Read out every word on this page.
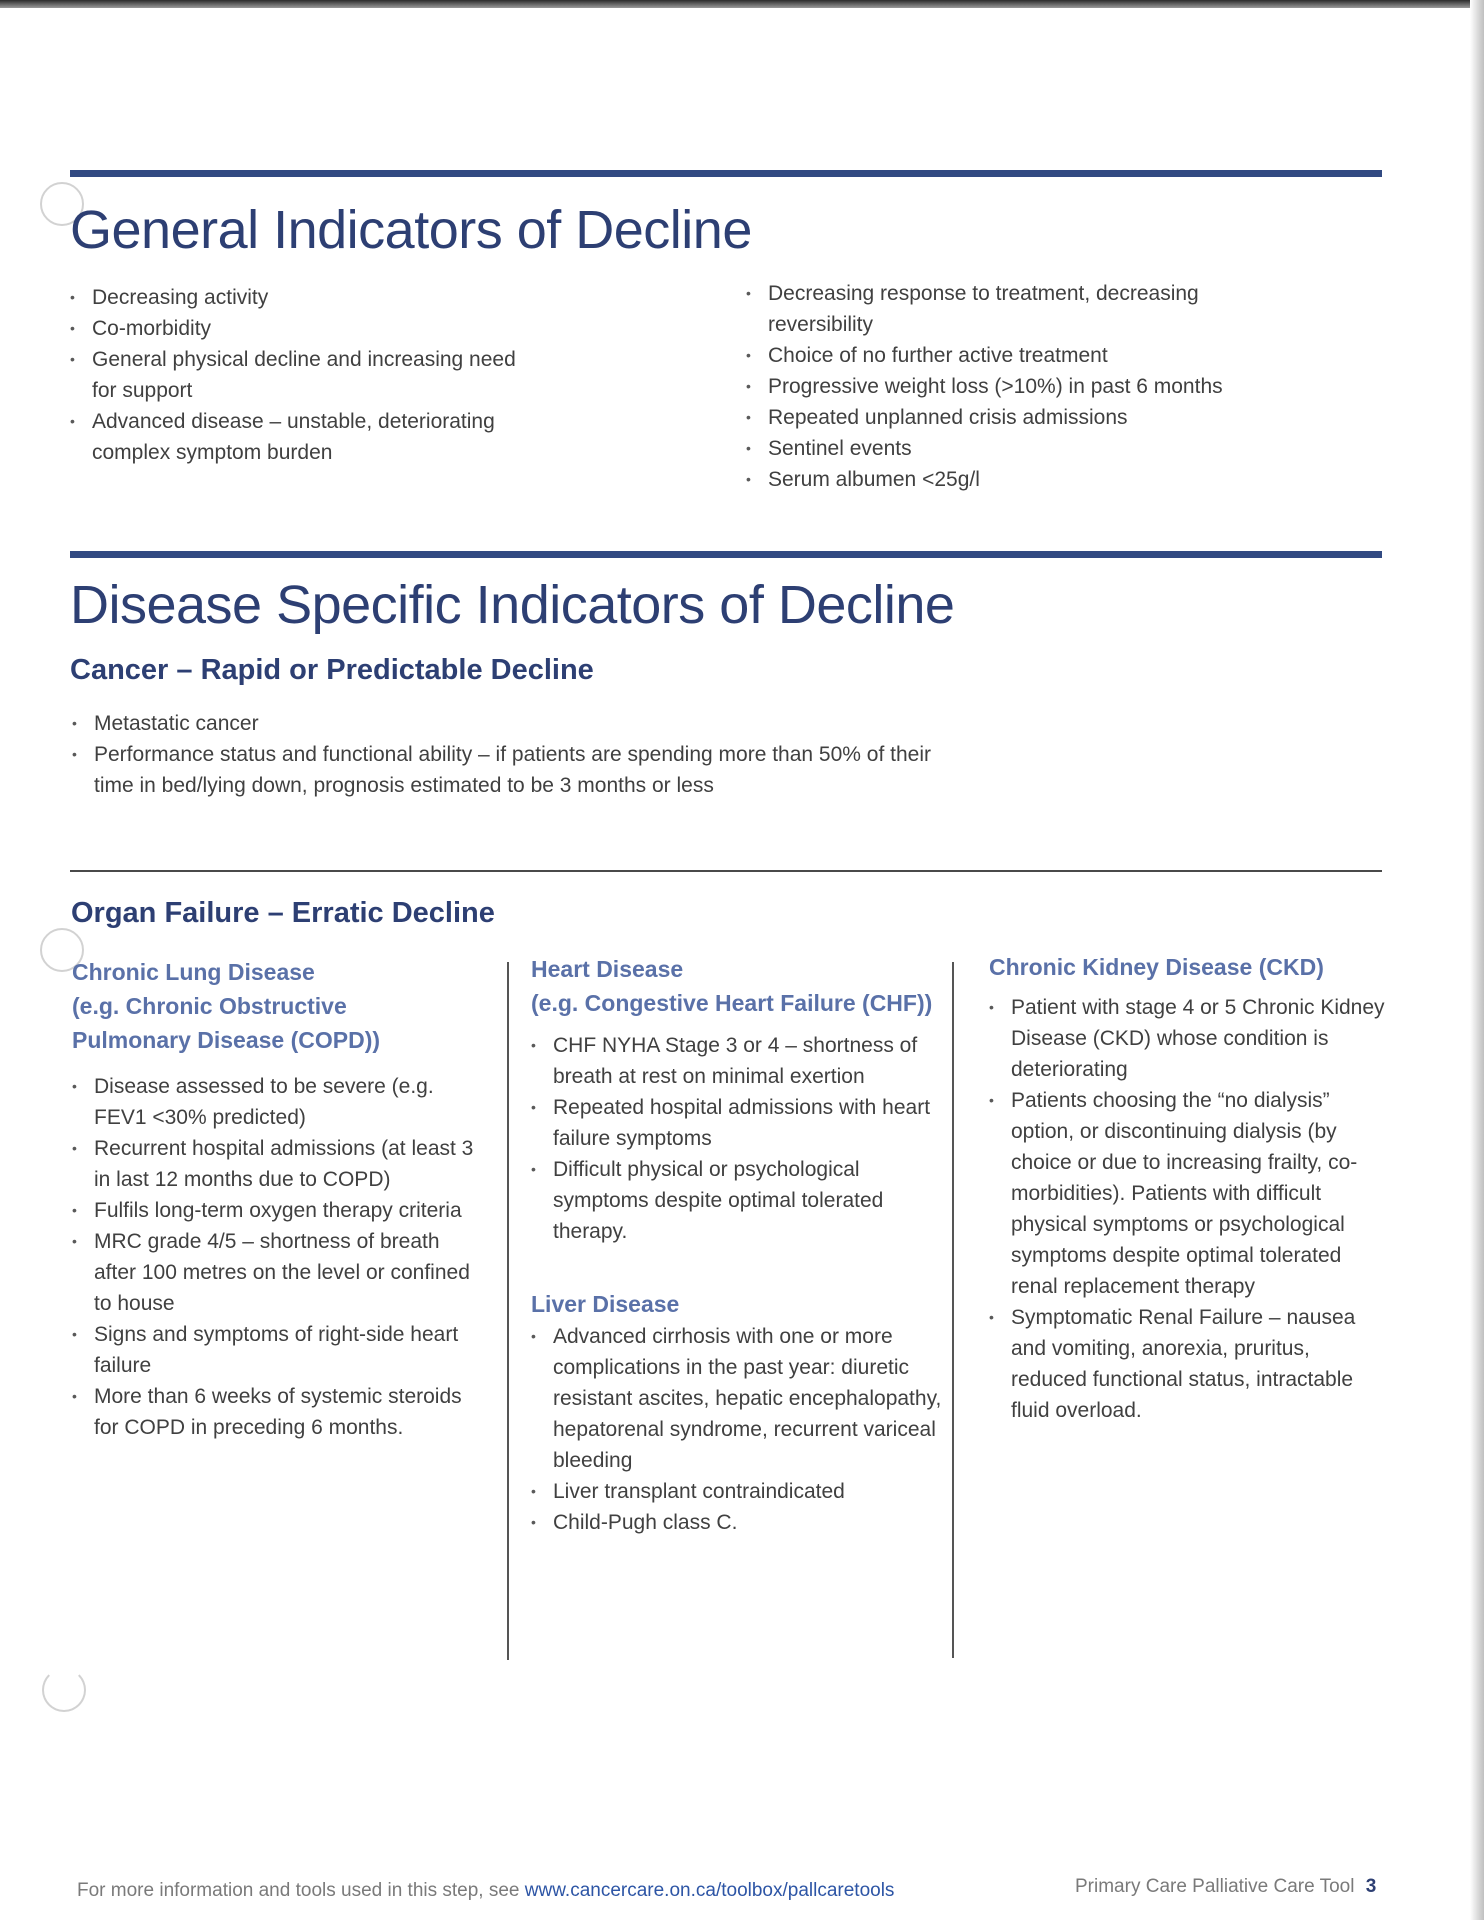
General Indicators of Decline
• Decreasing activity
• Co-morbidity
• General physical decline and increasing need for support
• Advanced disease – unstable, deteriorating complex symptom burden
• Decreasing response to treatment, decreasing reversibility
• Choice of no further active treatment
• Progressive weight loss (>10%) in past 6 months
• Repeated unplanned crisis admissions
• Sentinel events
• Serum albumen <25g/l
Disease Specific Indicators of Decline
Cancer – Rapid or Predictable Decline
• Metastatic cancer
• Performance status and functional ability – if patients are spending more than 50% of their time in bed/lying down, prognosis estimated to be 3 months or less
Organ Failure – Erratic Decline
Chronic Lung Disease
(e.g. Chronic Obstructive
Pulmonary Disease (COPD))
• Disease assessed to be severe (e.g. FEV1 <30% predicted)
• Recurrent hospital admissions (at least 3 in last 12 months due to COPD)
• Fulfils long-term oxygen therapy criteria
• MRC grade 4/5 – shortness of breath after 100 metres on the level or confined to house
• Signs and symptoms of right-side heart failure
• More than 6 weeks of systemic steroids for COPD in preceding 6 months.
Heart Disease
(e.g. Congestive Heart Failure (CHF))
• CHF NYHA Stage 3 or 4 – shortness of breath at rest on minimal exertion
• Repeated hospital admissions with heart failure symptoms
• Difficult physical or psychological symptoms despite optimal tolerated therapy.
Liver Disease
• Advanced cirrhosis with one or more complications in the past year: diuretic resistant ascites, hepatic encephalopathy, hepatorenal syndrome, recurrent variceal bleeding
• Liver transplant contraindicated
• Child-Pugh class C.
Chronic Kidney Disease (CKD)
• Patient with stage 4 or 5 Chronic Kidney Disease (CKD) whose condition is deteriorating
• Patients choosing the “no dialysis” option, or discontinuing dialysis (by choice or due to increasing frailty, co-morbidities). Patients with difficult physical symptoms or psychological symptoms despite optimal tolerated renal replacement therapy
• Symptomatic Renal Failure – nausea and vomiting, anorexia, pruritus, reduced functional status, intractable fluid overload.
For more information and tools used in this step, see www.cancercare.on.ca/toolbox/pallcaretools	Primary Care Palliative Care Tool 3
